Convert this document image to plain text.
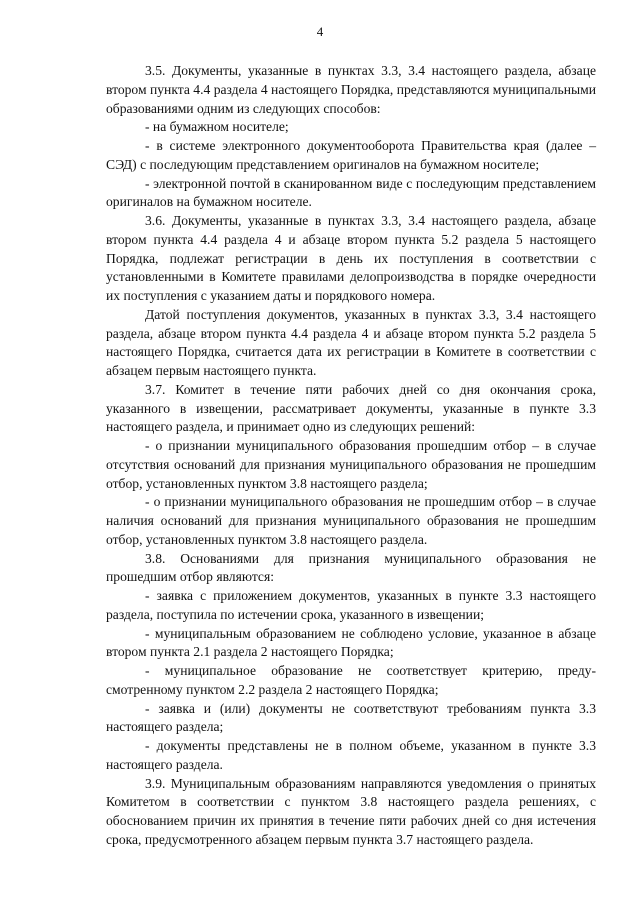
4

3.5. Документы, указанные в пунктах 3.3, 3.4 настоящего раздела, абзаце втором пункта 4.4 раздела 4 настоящего Порядка, представляются муниципальными образованиями одним из следующих способов:

- на бумажном носителе;

- в системе электронного документооборота Правительства края (далее – СЭД) с последующим представлением оригиналов на бумажном носителе;

- электронной почтой в сканированном виде с последующим представлением оригиналов на бумажном носителе.

3.6. Документы, указанные в пунктах 3.3, 3.4 настоящего раздела, абзаце втором пункта 4.4 раздела 4 и абзаце втором пункта 5.2 раздела 5 настоящего Порядка, подлежат регистрации в день их поступления в соответствии с установленными в Комитете правилами делопроизводства в порядке очередности их поступления с указанием даты и порядкового номера.

Датой поступления документов, указанных в пунктах 3.3, 3.4 настоящего раздела, абзаце втором пункта 4.4 раздела 4 и абзаце втором пункта 5.2 раздела 5 настоящего Порядка, считается дата их регистрации в Комитете в соответствии с абзацем первым настоящего пункта.

3.7. Комитет в течение пяти рабочих дней со дня окончания срока, указанного в извещении, рассматривает документы, указанные в пункте 3.3 настоящего раздела, и принимает одно из следующих решений:

- о признании муниципального образования прошедшим отбор – в случае отсутствия оснований для признания муниципального образования не прошедшим отбор, установленных пунктом 3.8 настоящего раздела;

- о признании муниципального образования не прошедшим отбор – в случае наличия оснований для признания муниципального образования не прошедшим отбор, установленных пунктом 3.8 настоящего раздела.

3.8. Основаниями для признания муниципального образования не прошедшим отбор являются:

- заявка с приложением документов, указанных в пункте 3.3 настоящего раздела, поступила по истечении срока, указанного в извещении;

- муниципальным образованием не соблюдено условие, указанное в абзаце втором пункта 2.1 раздела 2 настоящего Порядка;

- муниципальное образование не соответствует критерию, предусмотренному пунктом 2.2 раздела 2 настоящего Порядка;

- заявка и (или) документы не соответствуют требованиям пункта 3.3 настоящего раздела;

- документы представлены не в полном объеме, указанном в пункте 3.3 настоящего раздела.

3.9. Муниципальным образованиям направляются уведомления о принятых Комитетом в соответствии с пунктом 3.8 настоящего раздела решениях, с обоснованием причин их принятия в течение пяти рабочих дней со дня истечения срока, предусмотренного абзацем первым пункта 3.7 настоящего раздела.
